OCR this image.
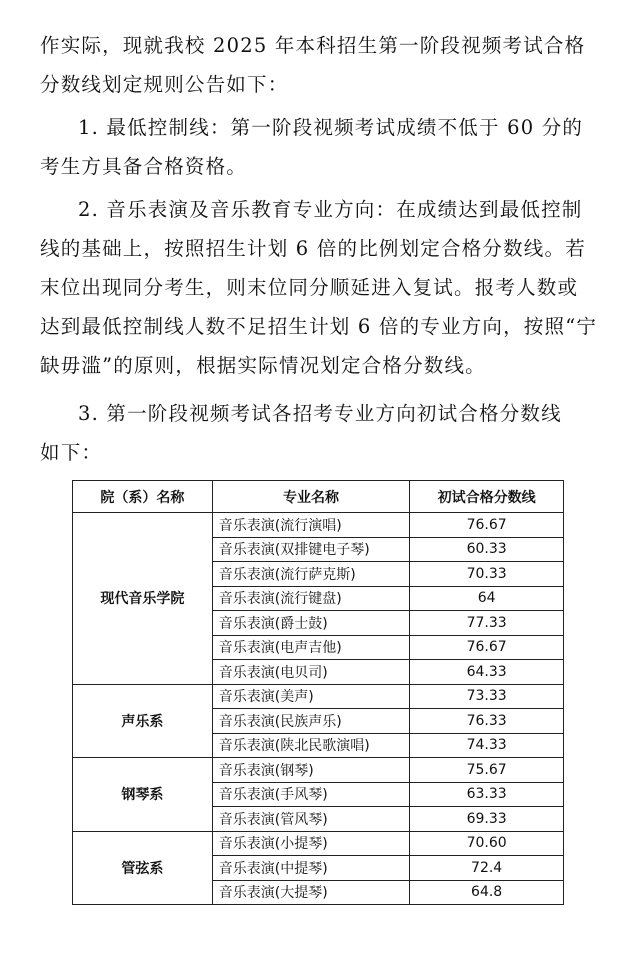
作实际，现就我校 2025 年本科招生第一阶段视频考试合格
分数线划定规则公告如下：
1. 最低控制线：第一阶段视频考试成绩不低于 60 分的
考生方具备合格资格。
2. 音乐表演及音乐教育专业方向：在成绩达到最低控制
线的基础上，按照招生计划 6 倍的比例划定合格分数线。若
末位出现同分考生，则末位同分顺延进入复试。报考人数或
达到最低控制线人数不足招生计划 6 倍的专业方向，按照“宁
缺毋滥”的原则，根据实际情况划定合格分数线。
3. 第一阶段视频考试各招考专业方向初试合格分数线
如下：
院（系）名称	专业名称	初试合格分数线
现代音乐学院	音乐表演(流行演唱)	76.67
	音乐表演(双排键电子琴)	60.33
	音乐表演(流行萨克斯)	70.33
	音乐表演(流行键盘)	64
	音乐表演(爵士鼓)	77.33
	音乐表演(电声吉他)	76.67
	音乐表演(电贝司)	64.33
声乐系	音乐表演(美声)	73.33
	音乐表演(民族声乐)	76.33
	音乐表演(陕北民歌演唱)	74.33
钢琴系	音乐表演(钢琴)	75.67
	音乐表演(手风琴)	63.33
	音乐表演(管风琴)	69.33
管弦系	音乐表演(小提琴)	70.60
	音乐表演(中提琴)	72.4
	音乐表演(大提琴)	64.8
